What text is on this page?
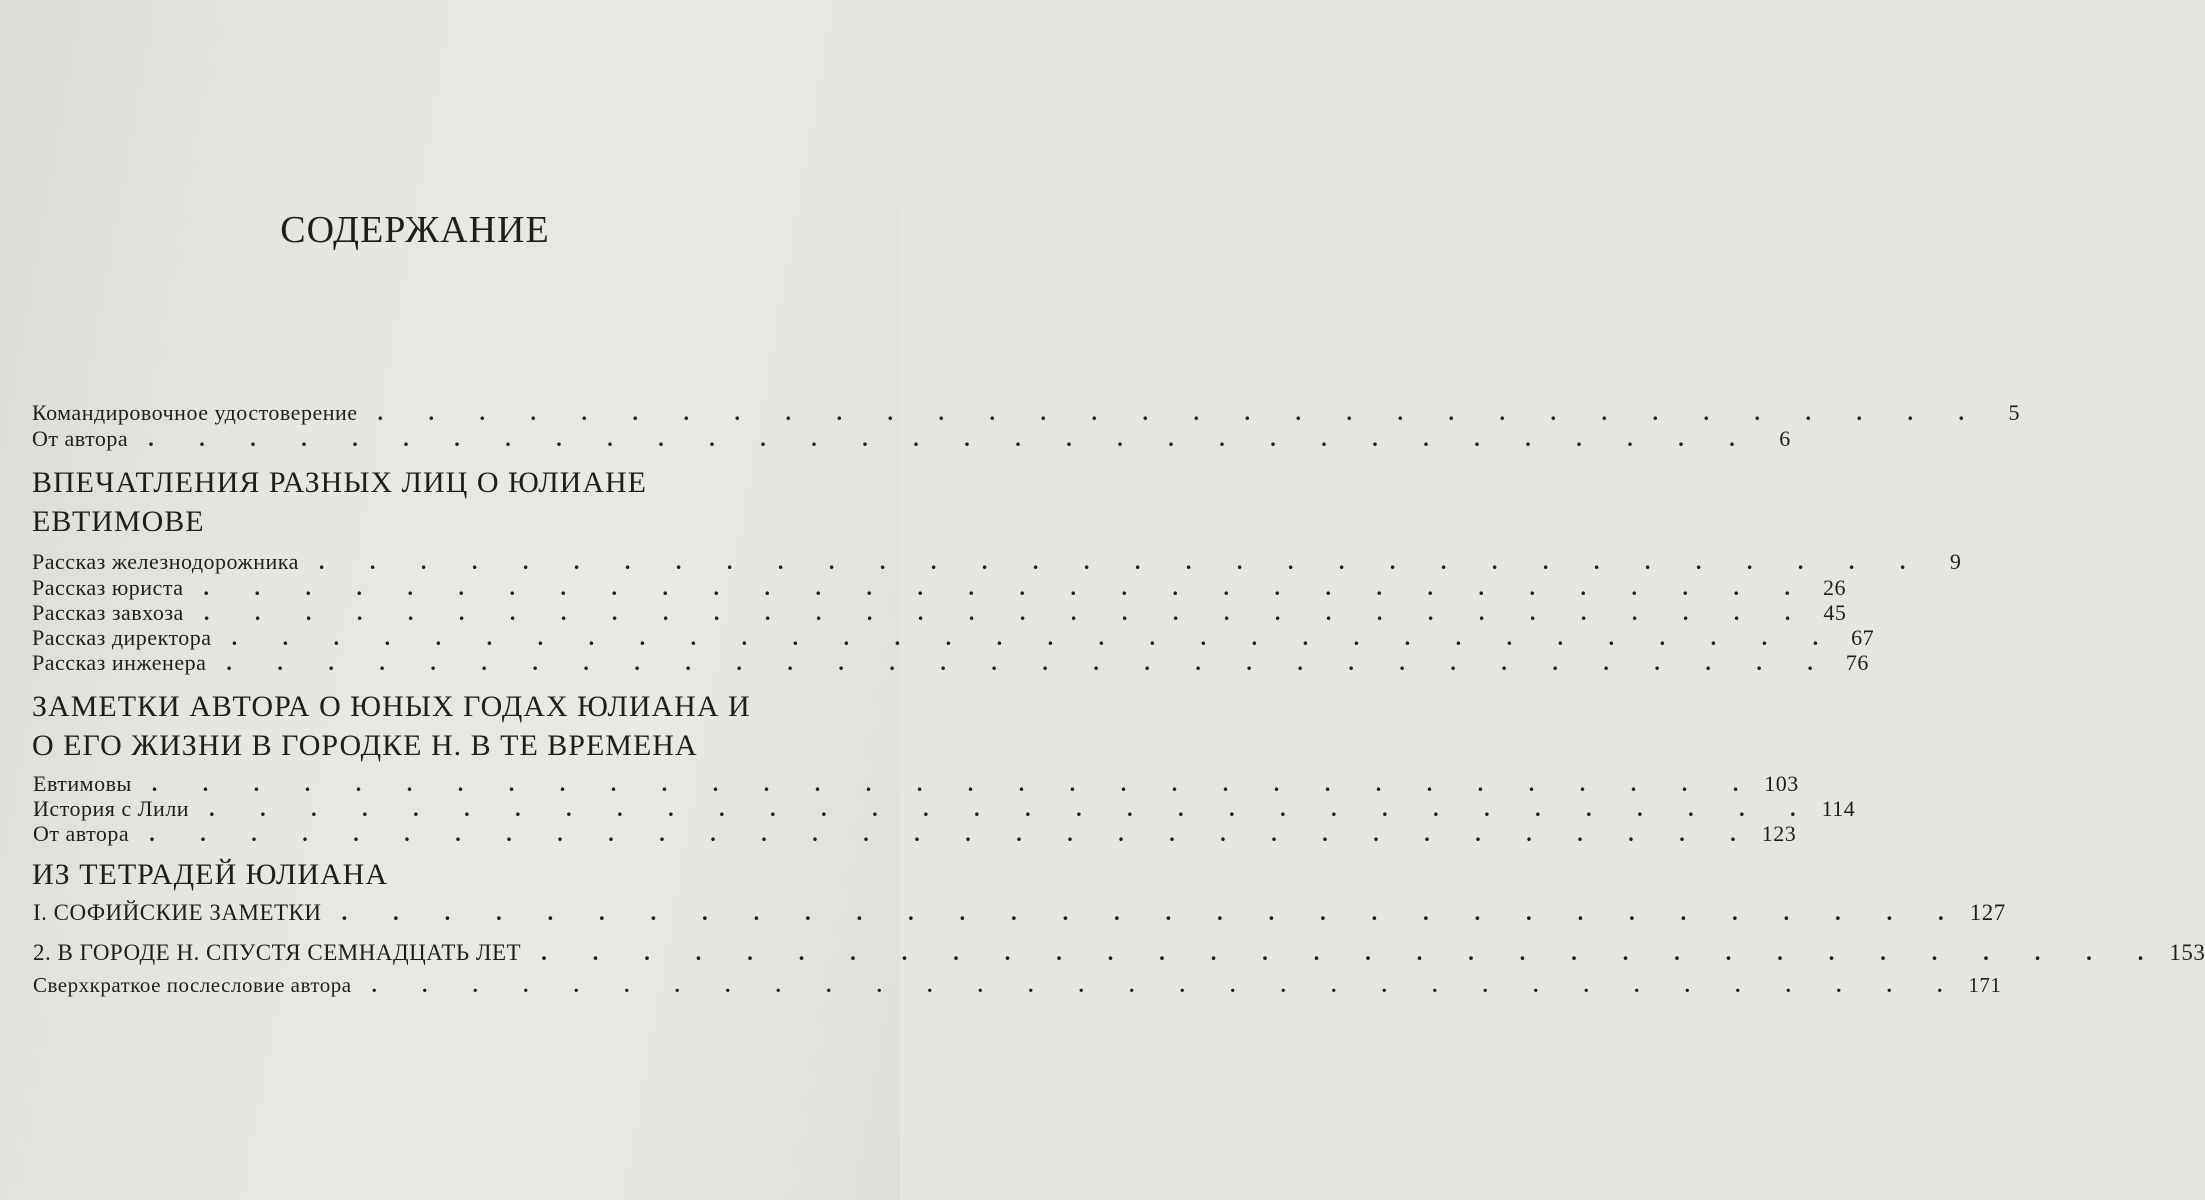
СОДЕРЖАНИЕ
Командировочное удостоверение . . . . . . . . . . . . . . . . . . . . . . . . . . . . . . . .	5
От автора . . . . . . . . . . . . . . . . . . . . . . . . . . . . . . . .	6
ВПЕЧАТЛЕНИЯ РАЗНЫХ ЛИЦ О ЮЛИАНЕ
ЕВТИМОВЕ
Рассказ железнодорожника . . . . . . . . . . . . . . . . . . . . . . . . . . . . . . . .	9
Рассказ юриста . . . . . . . . . . . . . . . . . . . . . . . . . . . . . . . . 26
Рассказ завхоза . . . . . . . . . . . . . . . . . . . . . . . . . . . . . . . . 45
Рассказ директора . . . . . . . . . . . . . . . . . . . . . . . . . . . . . . . . 67
Рассказ инженера . . . . . . . . . . . . . . . . . . . . . . . . . . . . . . . . 76
ЗАМЕТКИ АВТОРА О ЮНЫХ ГОДАХ ЮЛИАНА И
О ЕГО ЖИЗНИ В ГОРОДКЕ Н. В ТЕ ВРЕМЕНА
Евтимовы . . . . . . . . . . . . . . . . . . . . . . . . . . . . . . . . 103
История с Лили . . . . . . . . . . . . . . . . . . . . . . . . . . . . . . . . 114
От автора . . . . . . . . . . . . . . . . . . . . . . . . . . . . . . . . 123
ИЗ ТЕТРАДЕЙ ЮЛИАНА
I. СОФИЙСКИЕ ЗАМЕТКИ . . . . . . . . . . . . . . . . . . . . . . . . . . . . . . . . 127
2. В ГОРОДЕ Н. СПУСТЯ СЕМНАДЦАТЬ ЛЕТ . . . . . . . . . . . . . . . . . . . . . . . . . . . . . . . . 153
Сверхкраткое послесловие автора . . . . . . . . . . . . . . . . . . . . . . . . . . . . . . . . 171
